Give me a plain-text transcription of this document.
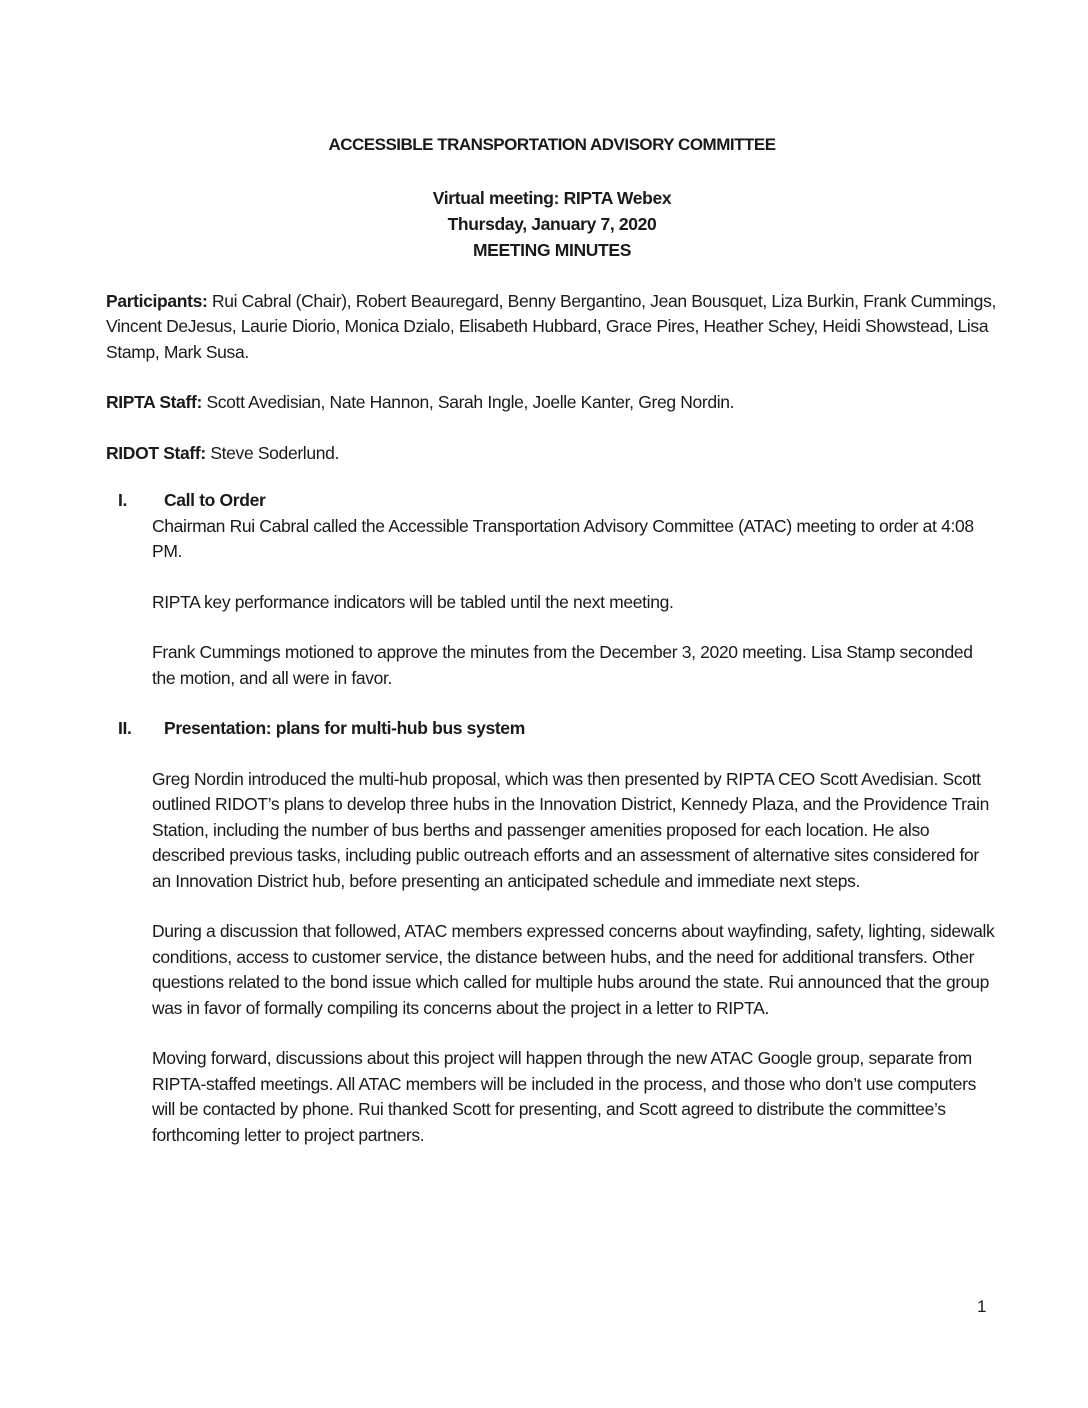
ACCESSIBLE TRANSPORTATION ADVISORY COMMITTEE

Virtual meeting: RIPTA Webex

Thursday, January 7, 2020

MEETING MINUTES

Participants: Rui Cabral (Chair), Robert Beauregard, Benny Bergantino, Jean Bousquet, Liza Burkin, Frank Cummings, Vincent DeJesus, Laurie Diorio, Monica Dzialo, Elisabeth Hubbard, Grace Pires, Heather Schey, Heidi Showstead, Lisa Stamp, Mark Susa.

RIPTA Staff: Scott Avedisian, Nate Hannon, Sarah Ingle, Joelle Kanter, Greg Nordin.

RIDOT Staff: Steve Soderlund.

I.	Call to Order

Chairman Rui Cabral called the Accessible Transportation Advisory Committee (ATAC) meeting to order at 4:08 PM.

RIPTA key performance indicators will be tabled until the next meeting.

Frank Cummings motioned to approve the minutes from the December 3, 2020 meeting. Lisa Stamp seconded the motion, and all were in favor.

II.	Presentation: plans for multi-hub bus system

Greg Nordin introduced the multi-hub proposal, which was then presented by RIPTA CEO Scott Avedisian. Scott outlined RIDOT’s plans to develop three hubs in the Innovation District, Kennedy Plaza, and the Providence Train Station, including the number of bus berths and passenger amenities proposed for each location. He also described previous tasks, including public outreach efforts and an assessment of alternative sites considered for an Innovation District hub, before presenting an anticipated schedule and immediate next steps.

During a discussion that followed, ATAC members expressed concerns about wayfinding, safety, lighting, sidewalk conditions, access to customer service, the distance between hubs, and the need for additional transfers. Other questions related to the bond issue which called for multiple hubs around the state. Rui announced that the group was in favor of formally compiling its concerns about the project in a letter to RIPTA.

Moving forward, discussions about this project will happen through the new ATAC Google group, separate from RIPTA-staffed meetings. All ATAC members will be included in the process, and those who don’t use computers will be contacted by phone. Rui thanked Scott for presenting, and Scott agreed to distribute the committee’s forthcoming letter to project partners.

1
